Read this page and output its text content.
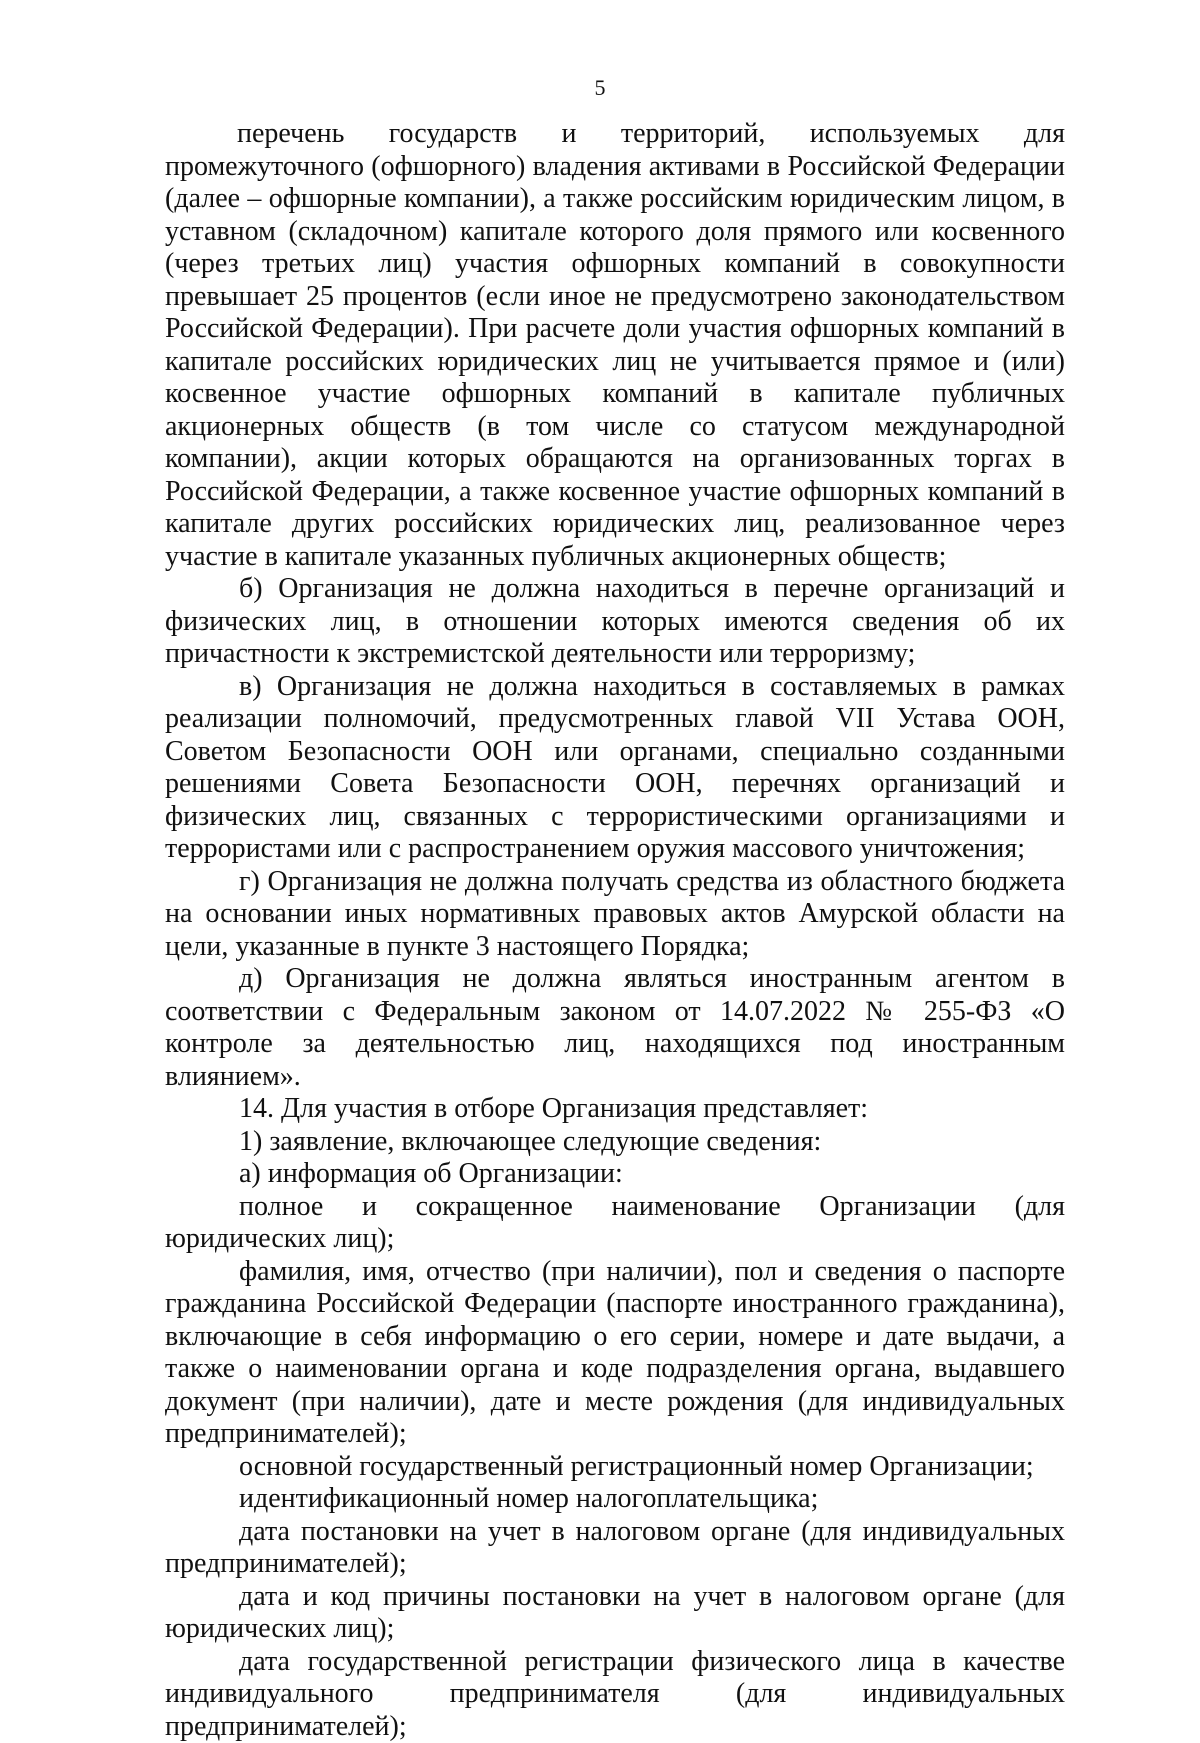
5

перечень государств и территорий, используемых для промежуточного (офшорного) владения активами в Российской Федерации (далее – офшорные компании), а также российским юридическим лицом, в уставном (складочном) капитале которого доля прямого или косвенного (через третьих лиц) участия офшорных компаний в совокупности превышает 25 процентов (если иное не предусмотрено законодательством Российской Федерации). При расчете доли участия офшорных компаний в капитале российских юридических лиц не учитывается прямое и (или) косвенное участие офшорных компаний в капитале публичных акционерных обществ (в том числе со статусом международной компании), акции которых обращаются на организованных торгах в Российской Федерации, а также косвенное участие офшорных компаний в капитале других российских юридических лиц, реализованное через участие в капитале указанных публичных акционерных обществ;

б) Организация не должна находиться в перечне организаций и физических лиц, в отношении которых имеются сведения об их причастности к экстремистской деятельности или терроризму;

в) Организация не должна находиться в составляемых в рамках реализации полномочий, предусмотренных главой VII Устава ООН, Советом Безопасности ООН или органами, специально созданными решениями Совета Безопасности ООН, перечнях организаций и физических лиц, связанных с террористическими организациями и террористами или с распространением оружия массового уничтожения;

г) Организация не должна получать средства из областного бюджета на основании иных нормативных правовых актов Амурской области на цели, указанные в пункте 3 настоящего Порядка;

д) Организация не должна являться иностранным агентом в соответствии с Федеральным законом от 14.07.2022 № 255-ФЗ «О контроле за деятельностью лиц, находящихся под иностранным влиянием».

14. Для участия в отборе Организация представляет:

1) заявление, включающее следующие сведения:

а) информация об Организации:

полное и сокращенное наименование Организации (для юридических лиц);

фамилия, имя, отчество (при наличии), пол и сведения о паспорте гражданина Российской Федерации (паспорте иностранного гражданина), включающие в себя информацию о его серии, номере и дате выдачи, а также о наименовании органа и коде подразделения органа, выдавшего документ (при наличии), дате и месте рождения (для индивидуальных предпринимателей);

основной государственный регистрационный номер Организации;

идентификационный номер налогоплательщика;

дата постановки на учет в налоговом органе (для индивидуальных предпринимателей);

дата и код причины постановки на учет в налоговом органе (для юридических лиц);

дата государственной регистрации физического лица в качестве индивидуального предпринимателя (для индивидуальных предпринимателей);
